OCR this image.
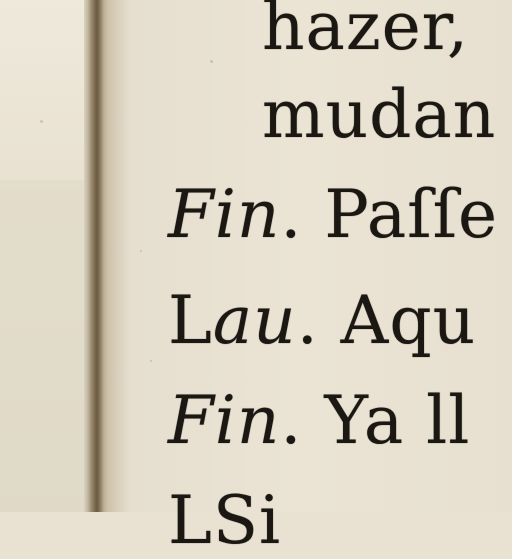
hazer,
mudan
Fin. Paſſe
Lau. Aqu
Fin. Ya ll
LSi
